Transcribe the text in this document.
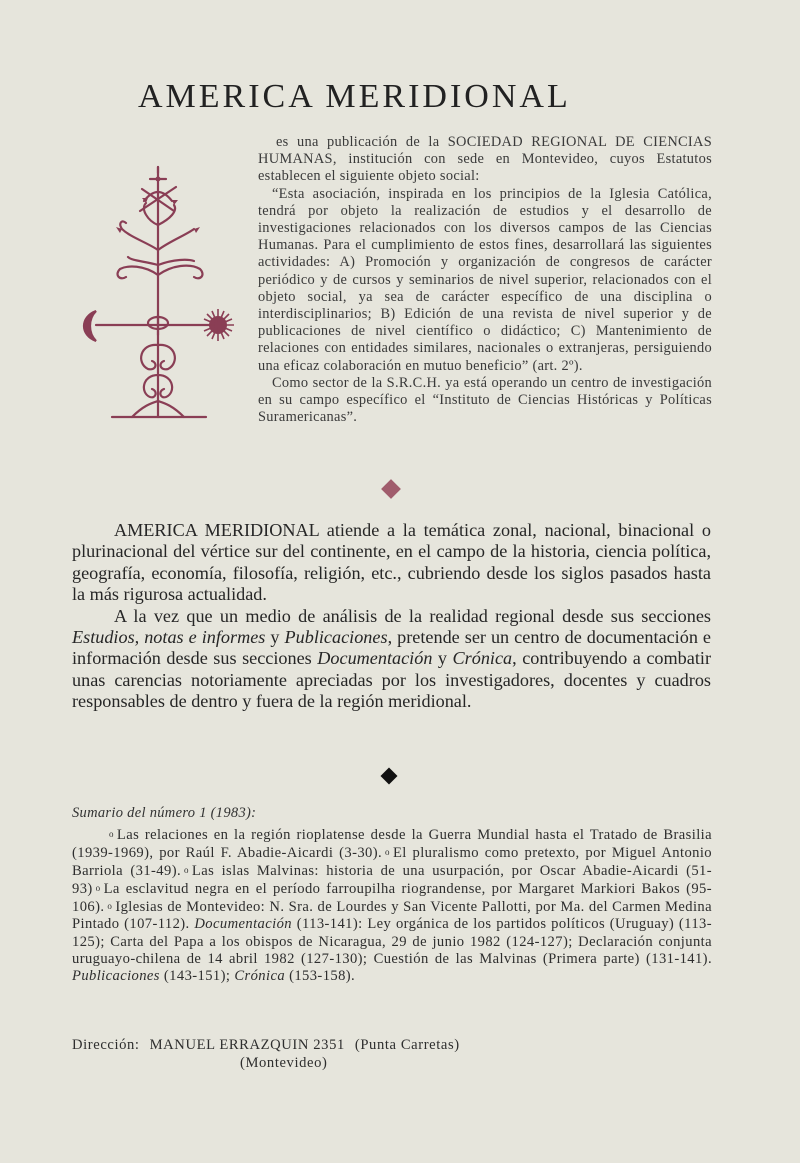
AMERICA MERIDIONAL

es una publicación de la SOCIEDAD REGIONAL DE CIENCIAS HUMANAS, institución con sede en Montevideo, cuyos Estatutos establecen el siguiente objeto social:

“Esta asociación, inspirada en los principios de la Iglesia Católica, tendrá por objeto la realización de estudios y el desarrollo de investigaciones relacionados con los diversos campos de las Ciencias Humanas. Para el cumplimiento de estos fines, desarrollará las siguientes actividades: A) Promoción y organización de congresos de carácter periódico y de cursos y seminarios de nivel superior, relacionados con el objeto social, ya sea de carácter específico de una disciplina o interdisciplinarios; B) Edición de una revista de nivel superior y de publicaciones de nivel científico o didáctico; C) Mantenimiento de relaciones con entidades similares, nacionales o extranjeras, persiguiendo una eficaz colaboración en mutuo beneficio” (art. 2º).

Como sector de la S.R.C.H. ya está operando un centro de investigación en su campo específico el “Instituto de Ciencias Históricas y Políticas Suramericanas”.

AMERICA MERIDIONAL atiende a la temática zonal, nacional, binacional o plurinacional del vértice sur del continente, en el campo de la historia, ciencia política, geografía, economía, filosofía, religión, etc., cubriendo desde los siglos pasados hasta la más rigurosa actualidad.

A la vez que un medio de análisis de la realidad regional desde sus secciones Estudios, notas e informes y Publicaciones, pretende ser un centro de documentación e información desde sus secciones Documentación y Crónica, contribuyendo a combatir unas carencias notoriamente apreciadas por los investigadores, docentes y cuadros responsables de dentro y fuera de la región meridional.

Sumario del número 1 (1983):

o Las relaciones en la región rioplatense desde la Guerra Mundial hasta el Tratado de Brasilia (1939-1969), por Raúl F. Abadie-Aicardi (3-30). o El pluralismo como pretexto, por Miguel Antonio Barriola (31-49). o Las islas Malvinas: historia de una usurpación, por Oscar Abadie-Aicardi (51-93) o La esclavitud negra en el período farroupilha riograndense, por Margaret Markiori Bakos (95-106). o Iglesias de Montevideo: N. Sra. de Lourdes y San Vicente Pallotti, por Ma. del Carmen Medina Pintado (107-112). Documentación (113-141): Ley orgánica de los partidos políticos (Uruguay) (113-125); Carta del Papa a los obispos de Nicaragua, 29 de junio 1982 (124-127); Declaración conjunta uruguayo-chilena de 14 abril 1982 (127-130); Cuestión de las Malvinas (Primera parte) (131-141). Publicaciones (143-151); Crónica (153-158).

Dirección: MANUEL ERRAZQUIN 2351 (Punta Carretas)
(Montevideo)
